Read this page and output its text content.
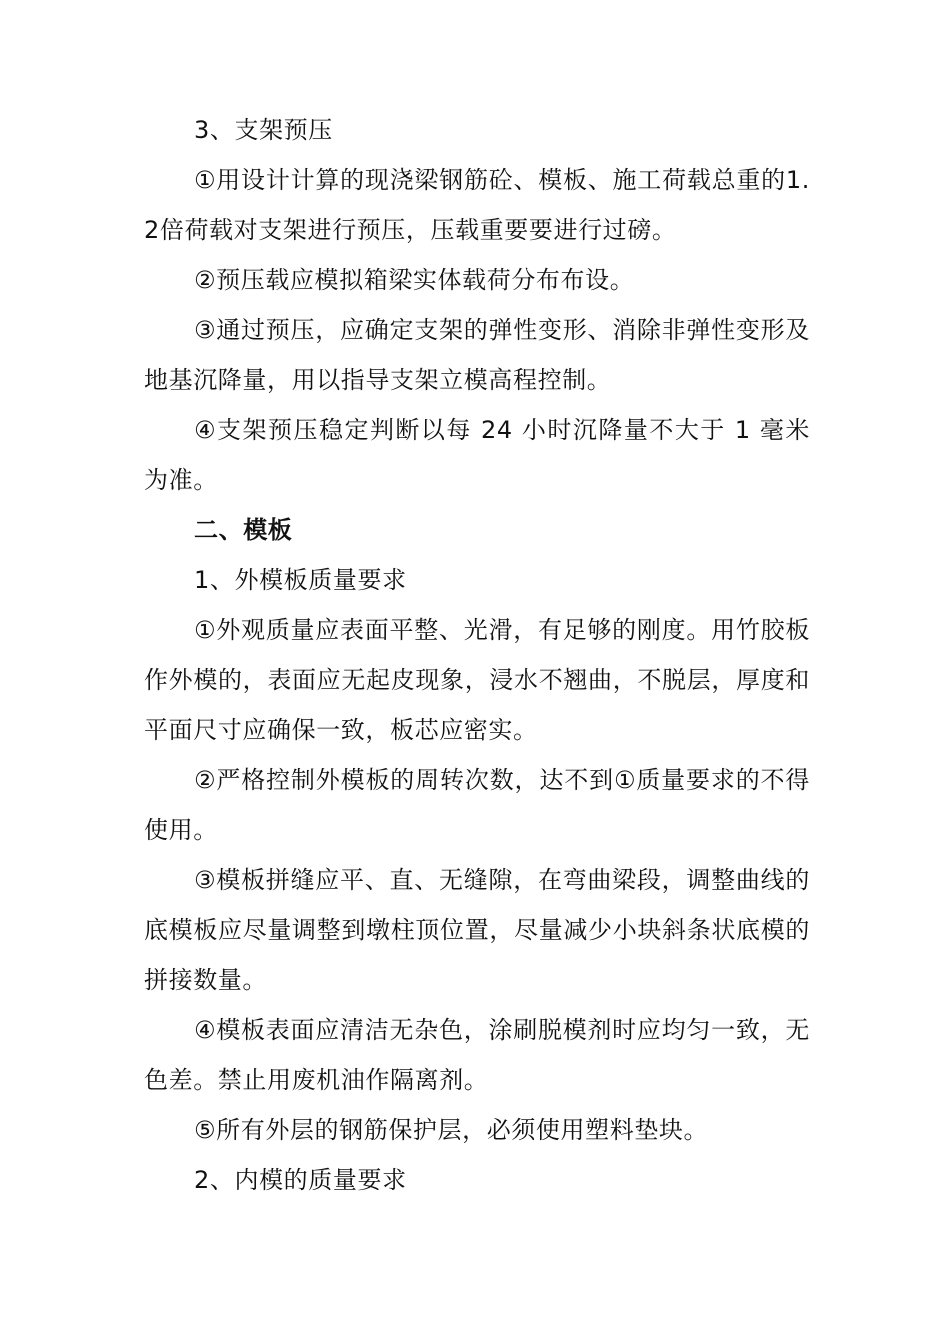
3、支架预压

①用设计计算的现浇梁钢筋砼、模板、施工荷载总重的1.2倍荷载对支架进行预压，压载重要要进行过磅。

②预压载应模拟箱梁实体载荷分布布设。

③通过预压，应确定支架的弹性变形、消除非弹性变形及地基沉降量，用以指导支架立模高程控制。

④支架预压稳定判断以每 24 小时沉降量不大于 1 毫米为准。

二、模板

1、外模板质量要求

①外观质量应表面平整、光滑，有足够的刚度。用竹胶板作外模的，表面应无起皮现象，浸水不翘曲，不脱层，厚度和平面尺寸应确保一致，板芯应密实。

②严格控制外模板的周转次数，达不到①质量要求的不得使用。

③模板拼缝应平、直、无缝隙，在弯曲梁段，调整曲线的底模板应尽量调整到墩柱顶位置，尽量减少小块斜条状底模的拼接数量。

④模板表面应清洁无杂色，涂刷脱模剂时应均匀一致，无色差。禁止用废机油作隔离剂。

⑤所有外层的钢筋保护层，必须使用塑料垫块。

2、内模的质量要求
